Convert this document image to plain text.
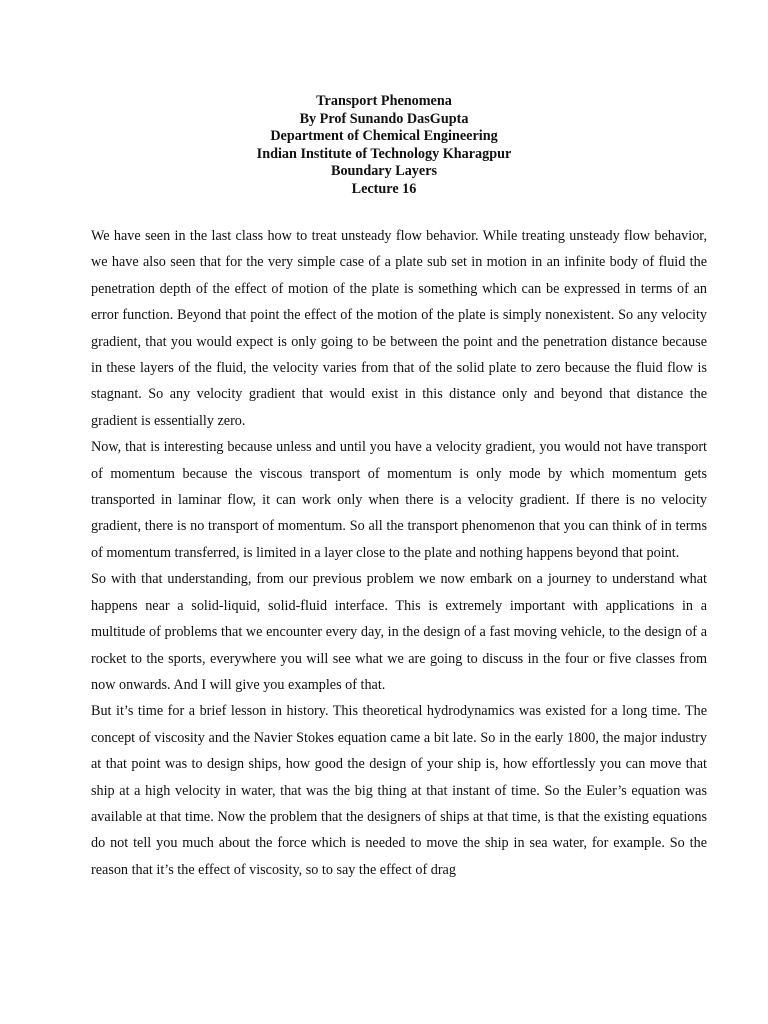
Transport Phenomena
By Prof Sunando DasGupta
Department of Chemical Engineering
Indian Institute of Technology Kharagpur
Boundary Layers
Lecture 16

We have seen in the last class how to treat unsteady flow behavior. While treating unsteady flow behavior, we have also seen that for the very simple case of a plate sub set in motion in an infinite body of fluid the penetration depth of the effect of motion of the plate is something which can be expressed in terms of an error function. Beyond that point the effect of the motion of the plate is simply nonexistent. So any velocity gradient, that you would expect is only going to be between the point and the penetration distance because in these layers of the fluid, the velocity varies from that of the solid plate to zero because the fluid flow is stagnant. So any velocity gradient that would exist in this distance only and beyond that distance the gradient is essentially zero.

Now, that is interesting because unless and until you have a velocity gradient, you would not have transport of momentum because the viscous transport of momentum is only mode by which momentum gets transported in laminar flow, it can work only when there is a velocity gradient. If there is no velocity gradient, there is no transport of momentum. So all the transport phenomenon that you can think of in terms of momentum transferred, is limited in a layer close to the plate and nothing happens beyond that point.

So with that understanding, from our previous problem we now embark on a journey to understand what happens near a solid-liquid, solid-fluid interface. This is extremely important with applications in a multitude of problems that we encounter every day, in the design of a fast moving vehicle, to the design of a rocket to the sports, everywhere you will see what we are going to discuss in the four or five classes from now onwards. And I will give you examples of that.

But it’s time for a brief lesson in history. This theoretical hydrodynamics was existed for a long time. The concept of viscosity and the Navier Stokes equation came a bit late. So in the early 1800, the major industry at that point was to design ships, how good the design of your ship is, how effortlessly you can move that ship at a high velocity in water, that was the big thing at that instant of time. So the Euler’s equation was available at that time. Now the problem that the designers of ships at that time, is that the existing equations do not tell you much about the force which is needed to move the ship in sea water, for example. So the reason that it’s the effect of viscosity, so to say the effect of drag
